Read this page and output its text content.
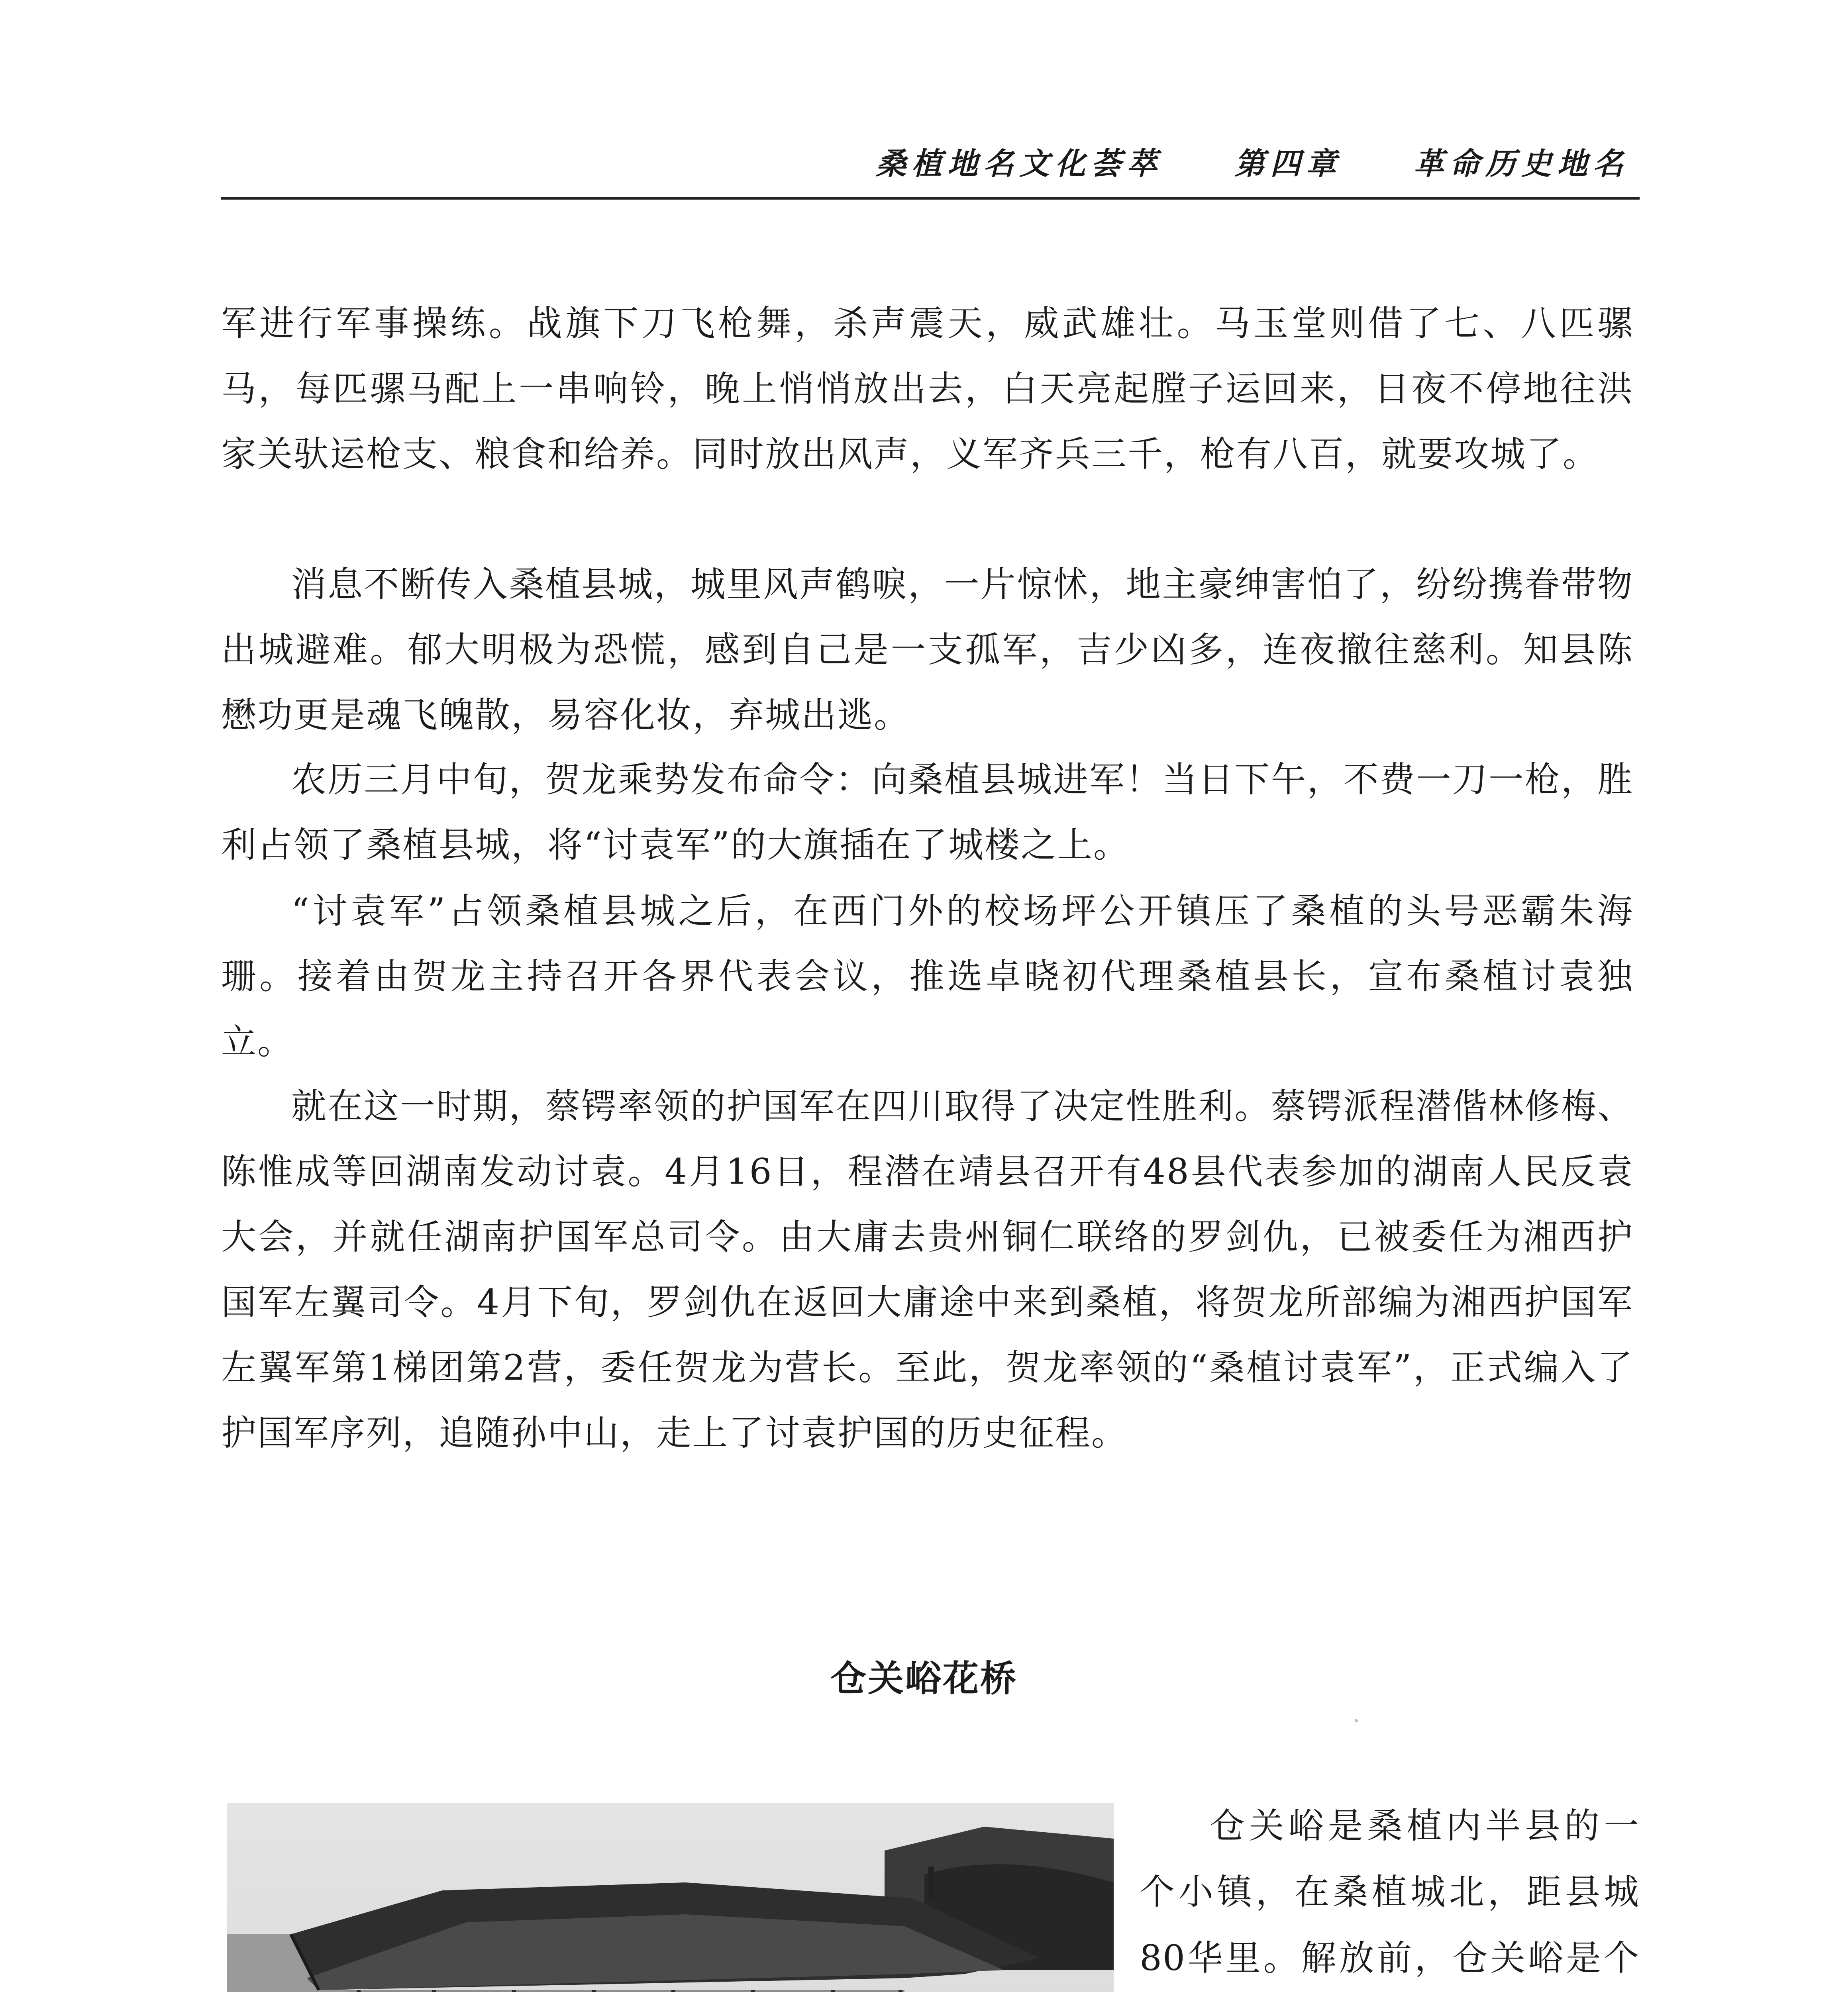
桑植地名文化荟萃 第四章 革命历史地名

军进行军事操练。战旗下刀飞枪舞，杀声震天，威武雄壮。马玉堂则借了七、八匹骡马，每匹骡马配上一串响铃，晚上悄悄放出去，白天亮起膛子运回来，日夜不停地往洪家关驮运枪支、粮食和给养。同时放出风声，义军齐兵三千，枪有八百，就要攻城了。

消息不断传入桑植县城，城里风声鹤唳，一片惊怵，地主豪绅害怕了，纷纷携眷带物出城避难。郁大明极为恐慌，感到自己是一支孤军，吉少凶多，连夜撤往慈利。知县陈懋功更是魂飞魄散，易容化妆，弃城出逃。

农历三月中旬，贺龙乘势发布命令：向桑植县城进军！当日下午，不费一刀一枪，胜利占领了桑植县城，将“讨袁军”的大旗插在了城楼之上。

“讨袁军”占领桑植县城之后，在西门外的校场坪公开镇压了桑植的头号恶霸朱海珊。接着由贺龙主持召开各界代表会议，推选卓晓初代理桑植县长，宣布桑植讨袁独立。

就在这一时期，蔡锷率领的护国军在四川取得了决定性胜利。蔡锷派程潜偕林修梅、陈惟成等回湖南发动讨袁。4月16日，程潜在靖县召开有48县代表参加的湖南人民反袁大会，并就任湖南护国军总司令。由大庸去贵州铜仁联络的罗剑仇，已被委任为湘西护国军左翼司令。4月下旬，罗剑仇在返回大庸途中来到桑植，将贺龙所部编为湘西护国军左翼军第1梯团第2营，委任贺龙为营长。至此，贺龙率领的“桑植讨袁军”，正式编入了护国军序列，追随孙中山，走上了讨袁护国的历史征程。

仓关峪花桥

仓关峪是桑植内半县的一个小镇，在桑植城北，距县城80华里。解放前，仓关峪是个
